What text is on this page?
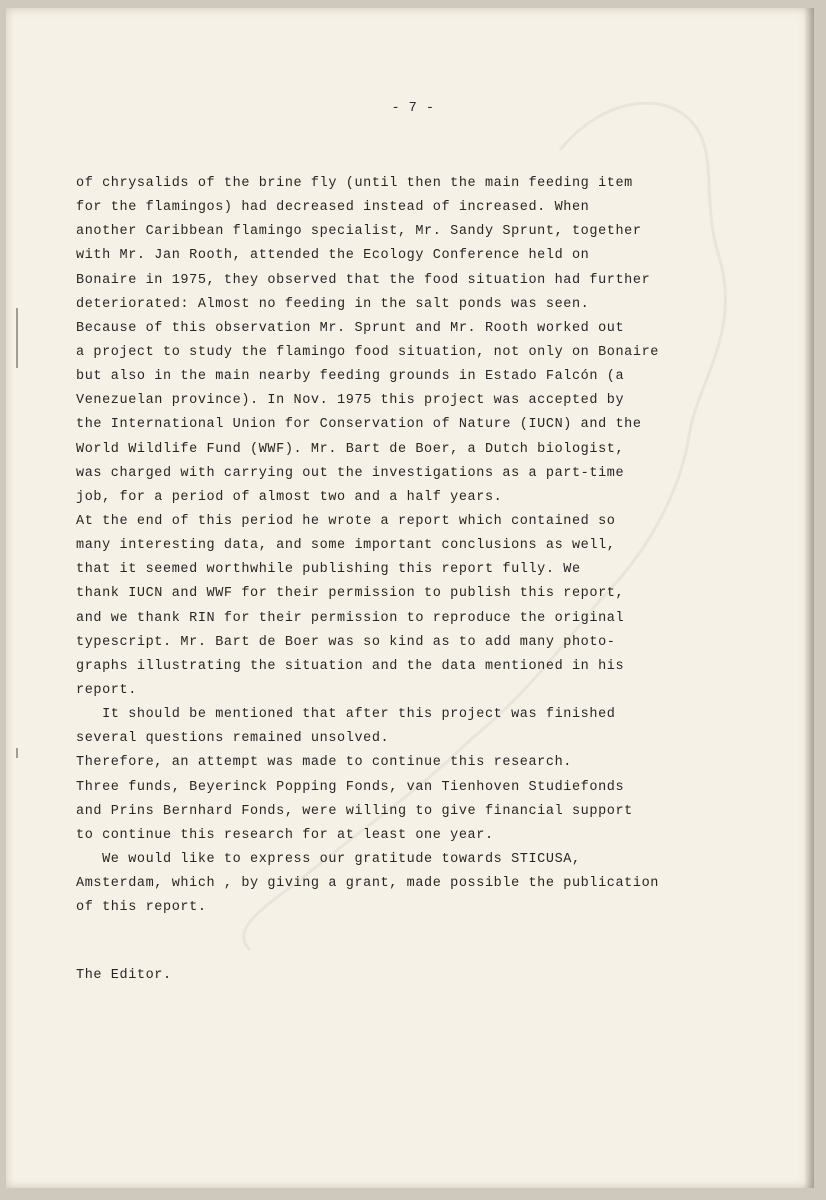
- 7 -
of chrysalids of the brine fly (until then the main feeding item
for the flamingos) had decreased instead of increased. When
another Caribbean flamingo specialist, Mr. Sandy Sprunt, together
with Mr. Jan Rooth, attended the Ecology Conference held on
Bonaire in 1975, they observed that the food situation had further
deteriorated: Almost no feeding in the salt ponds was seen.
Because of this observation Mr. Sprunt and Mr. Rooth worked out
a project to study the flamingo food situation, not only on Bonaire
but also in the main nearby feeding grounds in Estado Falcón (a
Venezuelan province). In Nov. 1975 this project was accepted by
the International Union for Conservation of Nature (IUCN) and the
World Wildlife Fund (WWF). Mr. Bart de Boer, a Dutch biologist,
was charged with carrying out the investigations as a part-time
job, for a period of almost two and a half years.
At the end of this period he wrote a report which contained so
many interesting data, and some important conclusions as well,
that it seemed worthwhile publishing this report fully. We
thank IUCN and WWF for their permission to publish this report,
and we thank RIN for their permission to reproduce the original
typescript. Mr. Bart de Boer was so kind as to add many photo-
graphs illustrating the situation and the data mentioned in his
report.
It should be mentioned that after this project was finished
several questions remained unsolved.
Therefore, an attempt was made to continue this research.
Three funds, Beyerinck Popping Fonds, van Tienhoven Studiefonds
and Prins Bernhard Fonds, were willing to give financial support
to continue this research for at least one year.
We would like to express our gratitude towards STICUSA,
Amsterdam, which , by giving a grant, made possible the publication
of this report.
The Editor.
